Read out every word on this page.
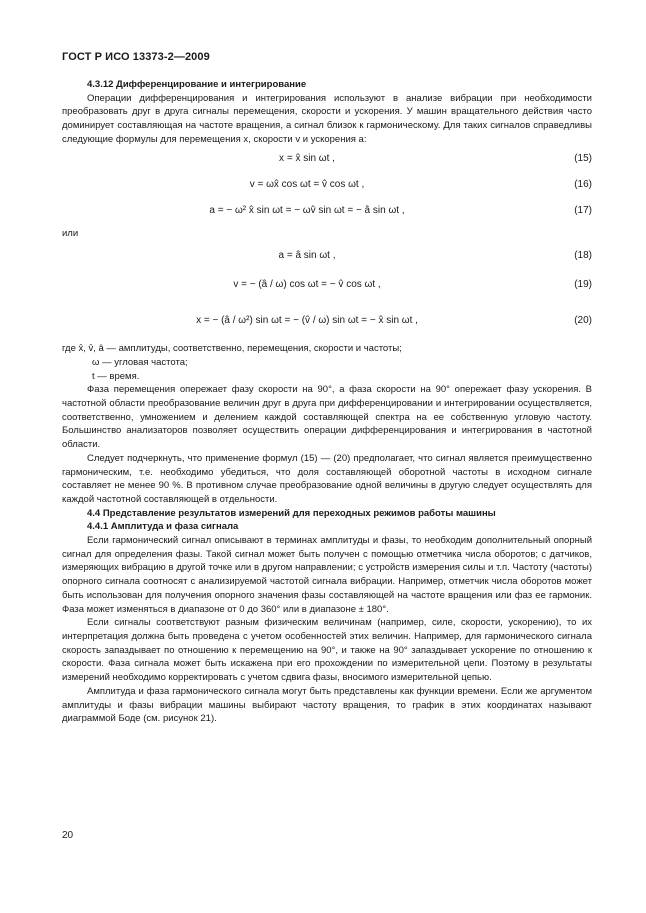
ГОСТ Р ИСО 13373-2—2009

4.3.12 Дифференцирование и интегрирование

Операции дифференцирования и интегрирования используют в анализе вибрации при необходимости преобразовать друг в друга сигналы перемещения, скорости и ускорения. У машин вращательного действия часто доминирует составляющая на частоте вращения, а сигнал близок к гармоническому. Для таких сигналов справедливы следующие формулы для перемещения x, скорости v и ускорения a:

x = x̂ sin ωt ,	(15)
v = ωx̂ cos ωt = v̂ cos ωt ,	(16)
a = − ω² x̂ sin ωt = − ωv̂ sin ωt = − â sin ωt ,	(17)

или

a = â sin ωt ,	(18)
v = − (â / ω) cos ωt = − v̂ cos ωt ,	(19)
x = − (â / ω²) sin ωt = − (v̂ / ω) sin ωt = − x̂ sin ωt ,	(20)

где x̂, v̂, â — амплитуды, соответственно, перемещения, скорости и частоты;

ω — угловая частота;

t — время.

Фаза перемещения опережает фазу скорости на 90°, а фаза скорости на 90° опережает фазу ускорения. В частотной области преобразование величин друг в друга при дифференцировании и интегрировании осуществляется, соответственно, умножением и делением каждой составляющей спектра на ее собственную угловую частоту. Большинство анализаторов позволяет осуществить операции дифференцирования и интегрирования в частотной области.

Следует подчеркнуть, что применение формул (15) — (20) предполагает, что сигнал является преимущественно гармоническим, т.е. необходимо убедиться, что доля составляющей оборотной частоты в исходном сигнале составляет не менее 90 %. В противном случае преобразование одной величины в другую следует осуществлять для каждой частотной составляющей в отдельности.

4.4 Представление результатов измерений для переходных режимов работы машины

4.4.1 Амплитуда и фаза сигнала

Если гармонический сигнал описывают в терминах амплитуды и фазы, то необходим дополнительный опорный сигнал для определения фазы. Такой сигнал может быть получен с помощью отметчика числа оборотов; с датчиков, измеряющих вибрацию в другой точке или в другом направлении; с устройств измерения силы и т.п. Частоту (частоты) опорного сигнала соотносят с анализируемой частотой сигнала вибрации. Например, отметчик числа оборотов может быть использован для получения опорного значения фазы составляющей на частоте вращения или фаз ее гармоник. Фаза может изменяться в диапазоне от 0 до 360° или в диапазоне ± 180°.

Если сигналы соответствуют разным физическим величинам (например, силе, скорости, ускорению), то их интерпретация должна быть проведена с учетом особенностей этих величин. Например, для гармонического сигнала скорость запаздывает по отношению к перемещению на 90°, и также на 90° запаздывает ускорение по отношению к скорости. Фаза сигнала может быть искажена при его прохождении по измерительной цепи. Поэтому в результаты измерений необходимо корректировать с учетом сдвига фазы, вносимого измерительной цепью.

Амплитуда и фаза гармонического сигнала могут быть представлены как функции времени. Если же аргументом амплитуды и фазы вибрации машины выбирают частоту вращения, то график в этих координатах называют диаграммой Боде (см. рисунок 21).

20
